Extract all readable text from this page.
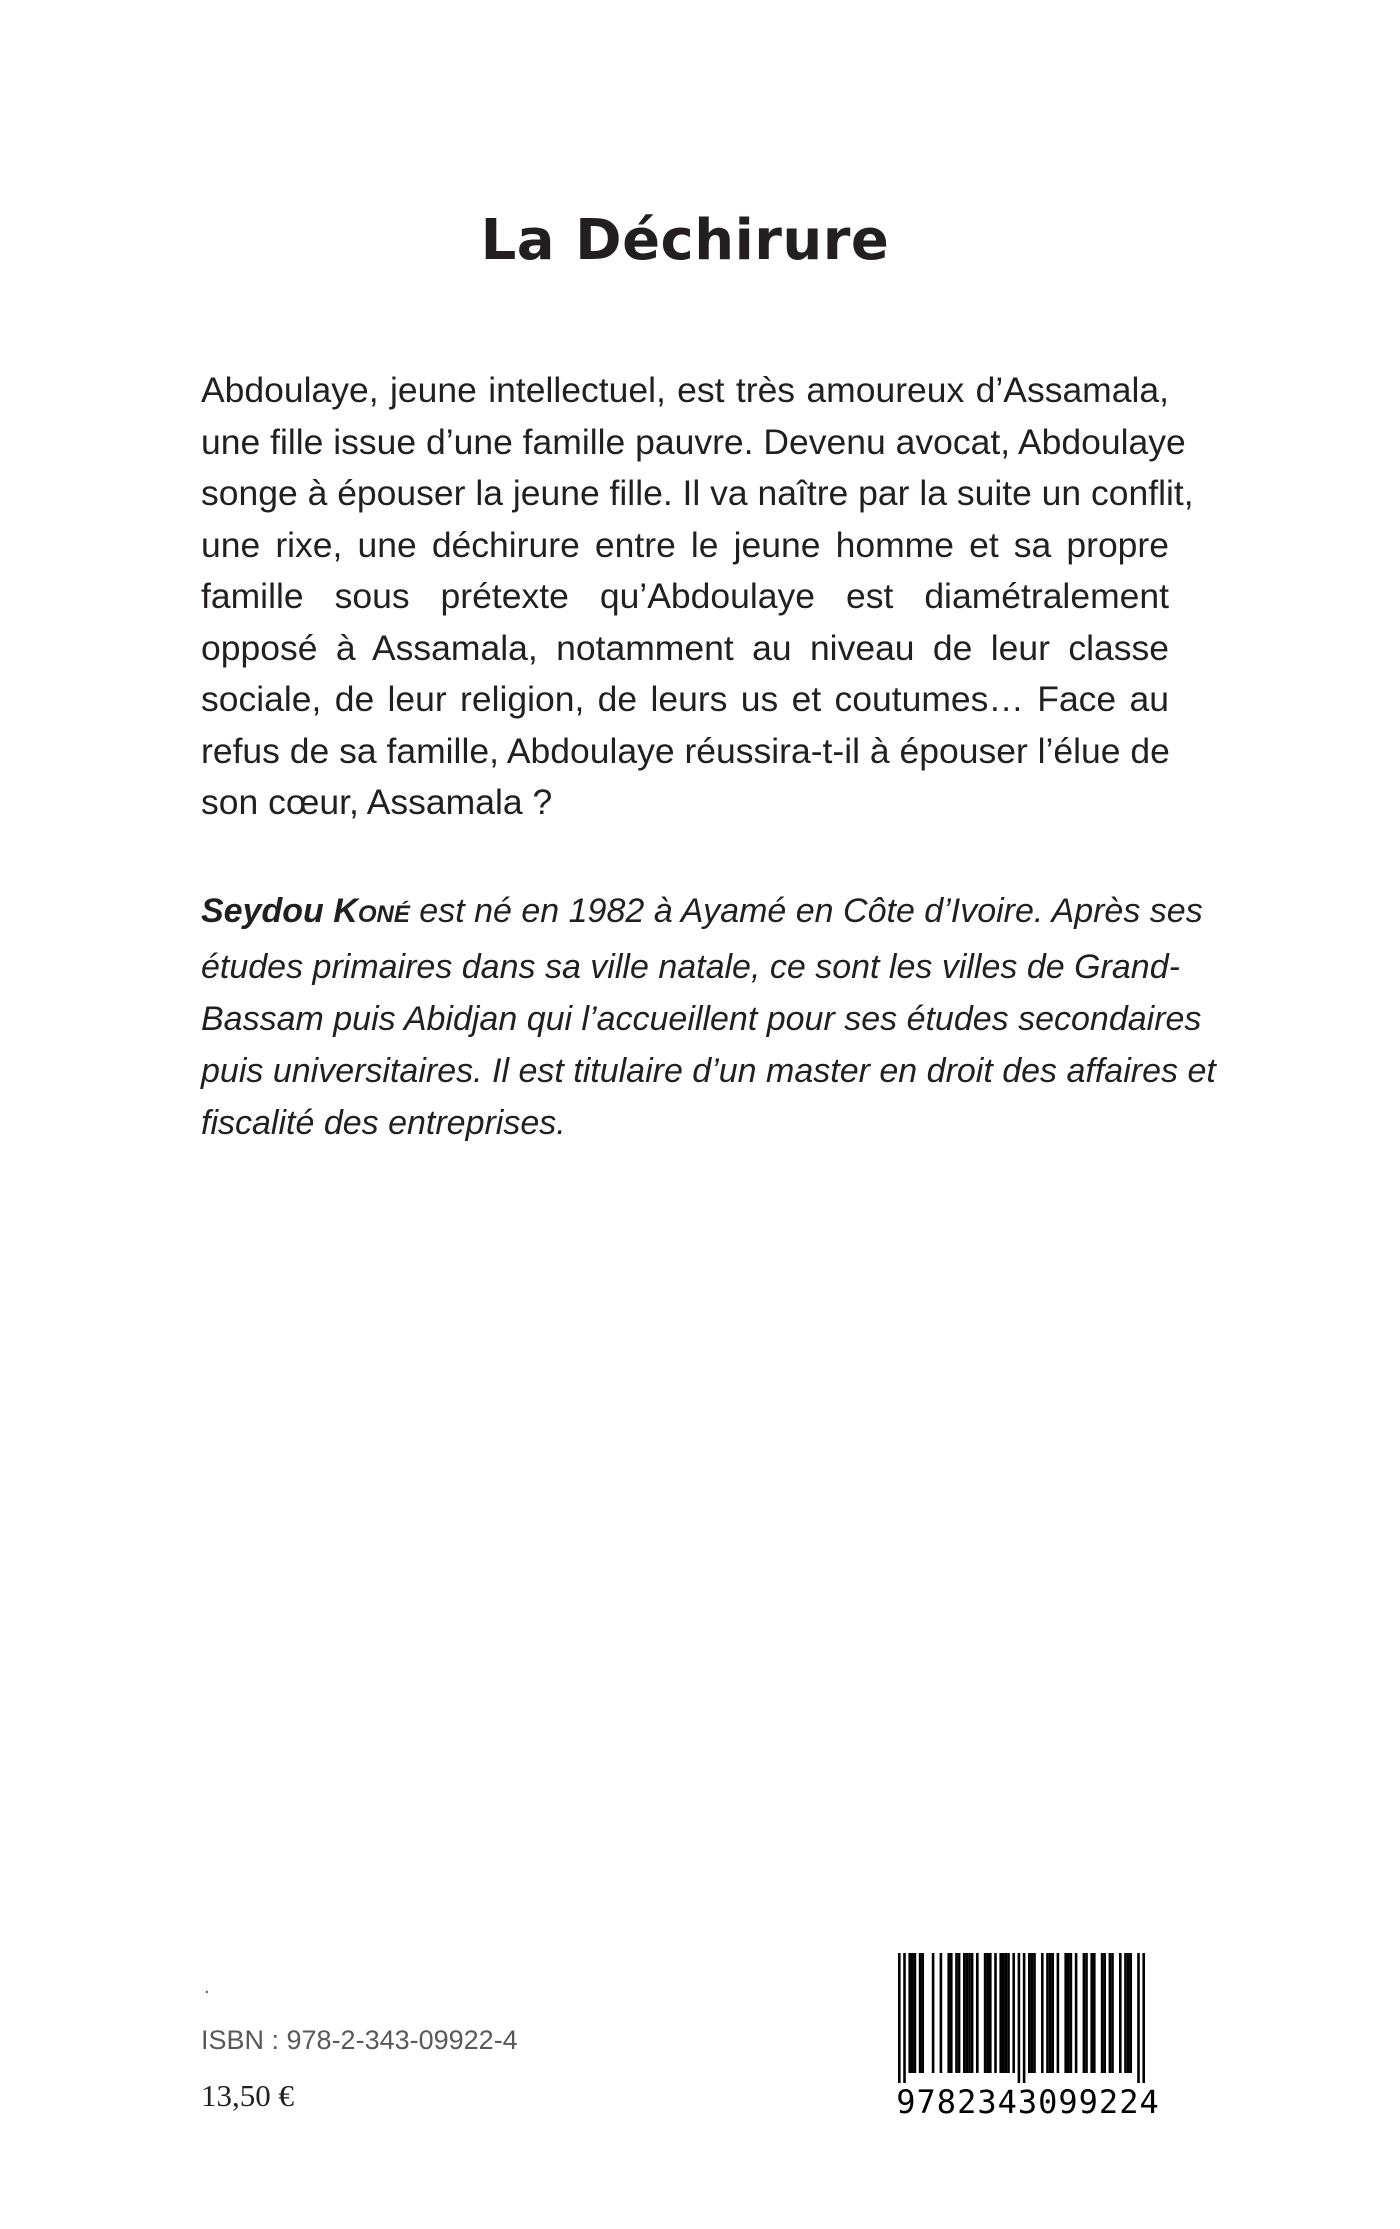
La Déchirure
Abdoulaye, jeune intellectuel, est très amoureux d’Assamala,
une fille issue d’une famille pauvre. Devenu avocat, Abdoulaye
songe à épouser la jeune fille. Il va naître par la suite un conflit,
une rixe, une déchirure entre le jeune homme et sa propre
famille sous prétexte qu’Abdoulaye est diamétralement
opposé à Assamala, notamment au niveau de leur classe
sociale, de leur religion, de leurs us et coutumes… Face au
refus de sa famille, Abdoulaye réussira-t-il à épouser l’élue de
son cœur, Assamala ?
Seydou KONÉ est né en 1982 à Ayamé en Côte d’Ivoire. Après ses
études primaires dans sa ville natale, ce sont les villes de Grand-
Bassam puis Abidjan qui l’accueillent pour ses études secondaires
puis universitaires. Il est titulaire d’un master en droit des affaires et
fiscalité des entreprises.
.
ISBN : 978-2-343-09922-4
13,50 €	9782343099224
